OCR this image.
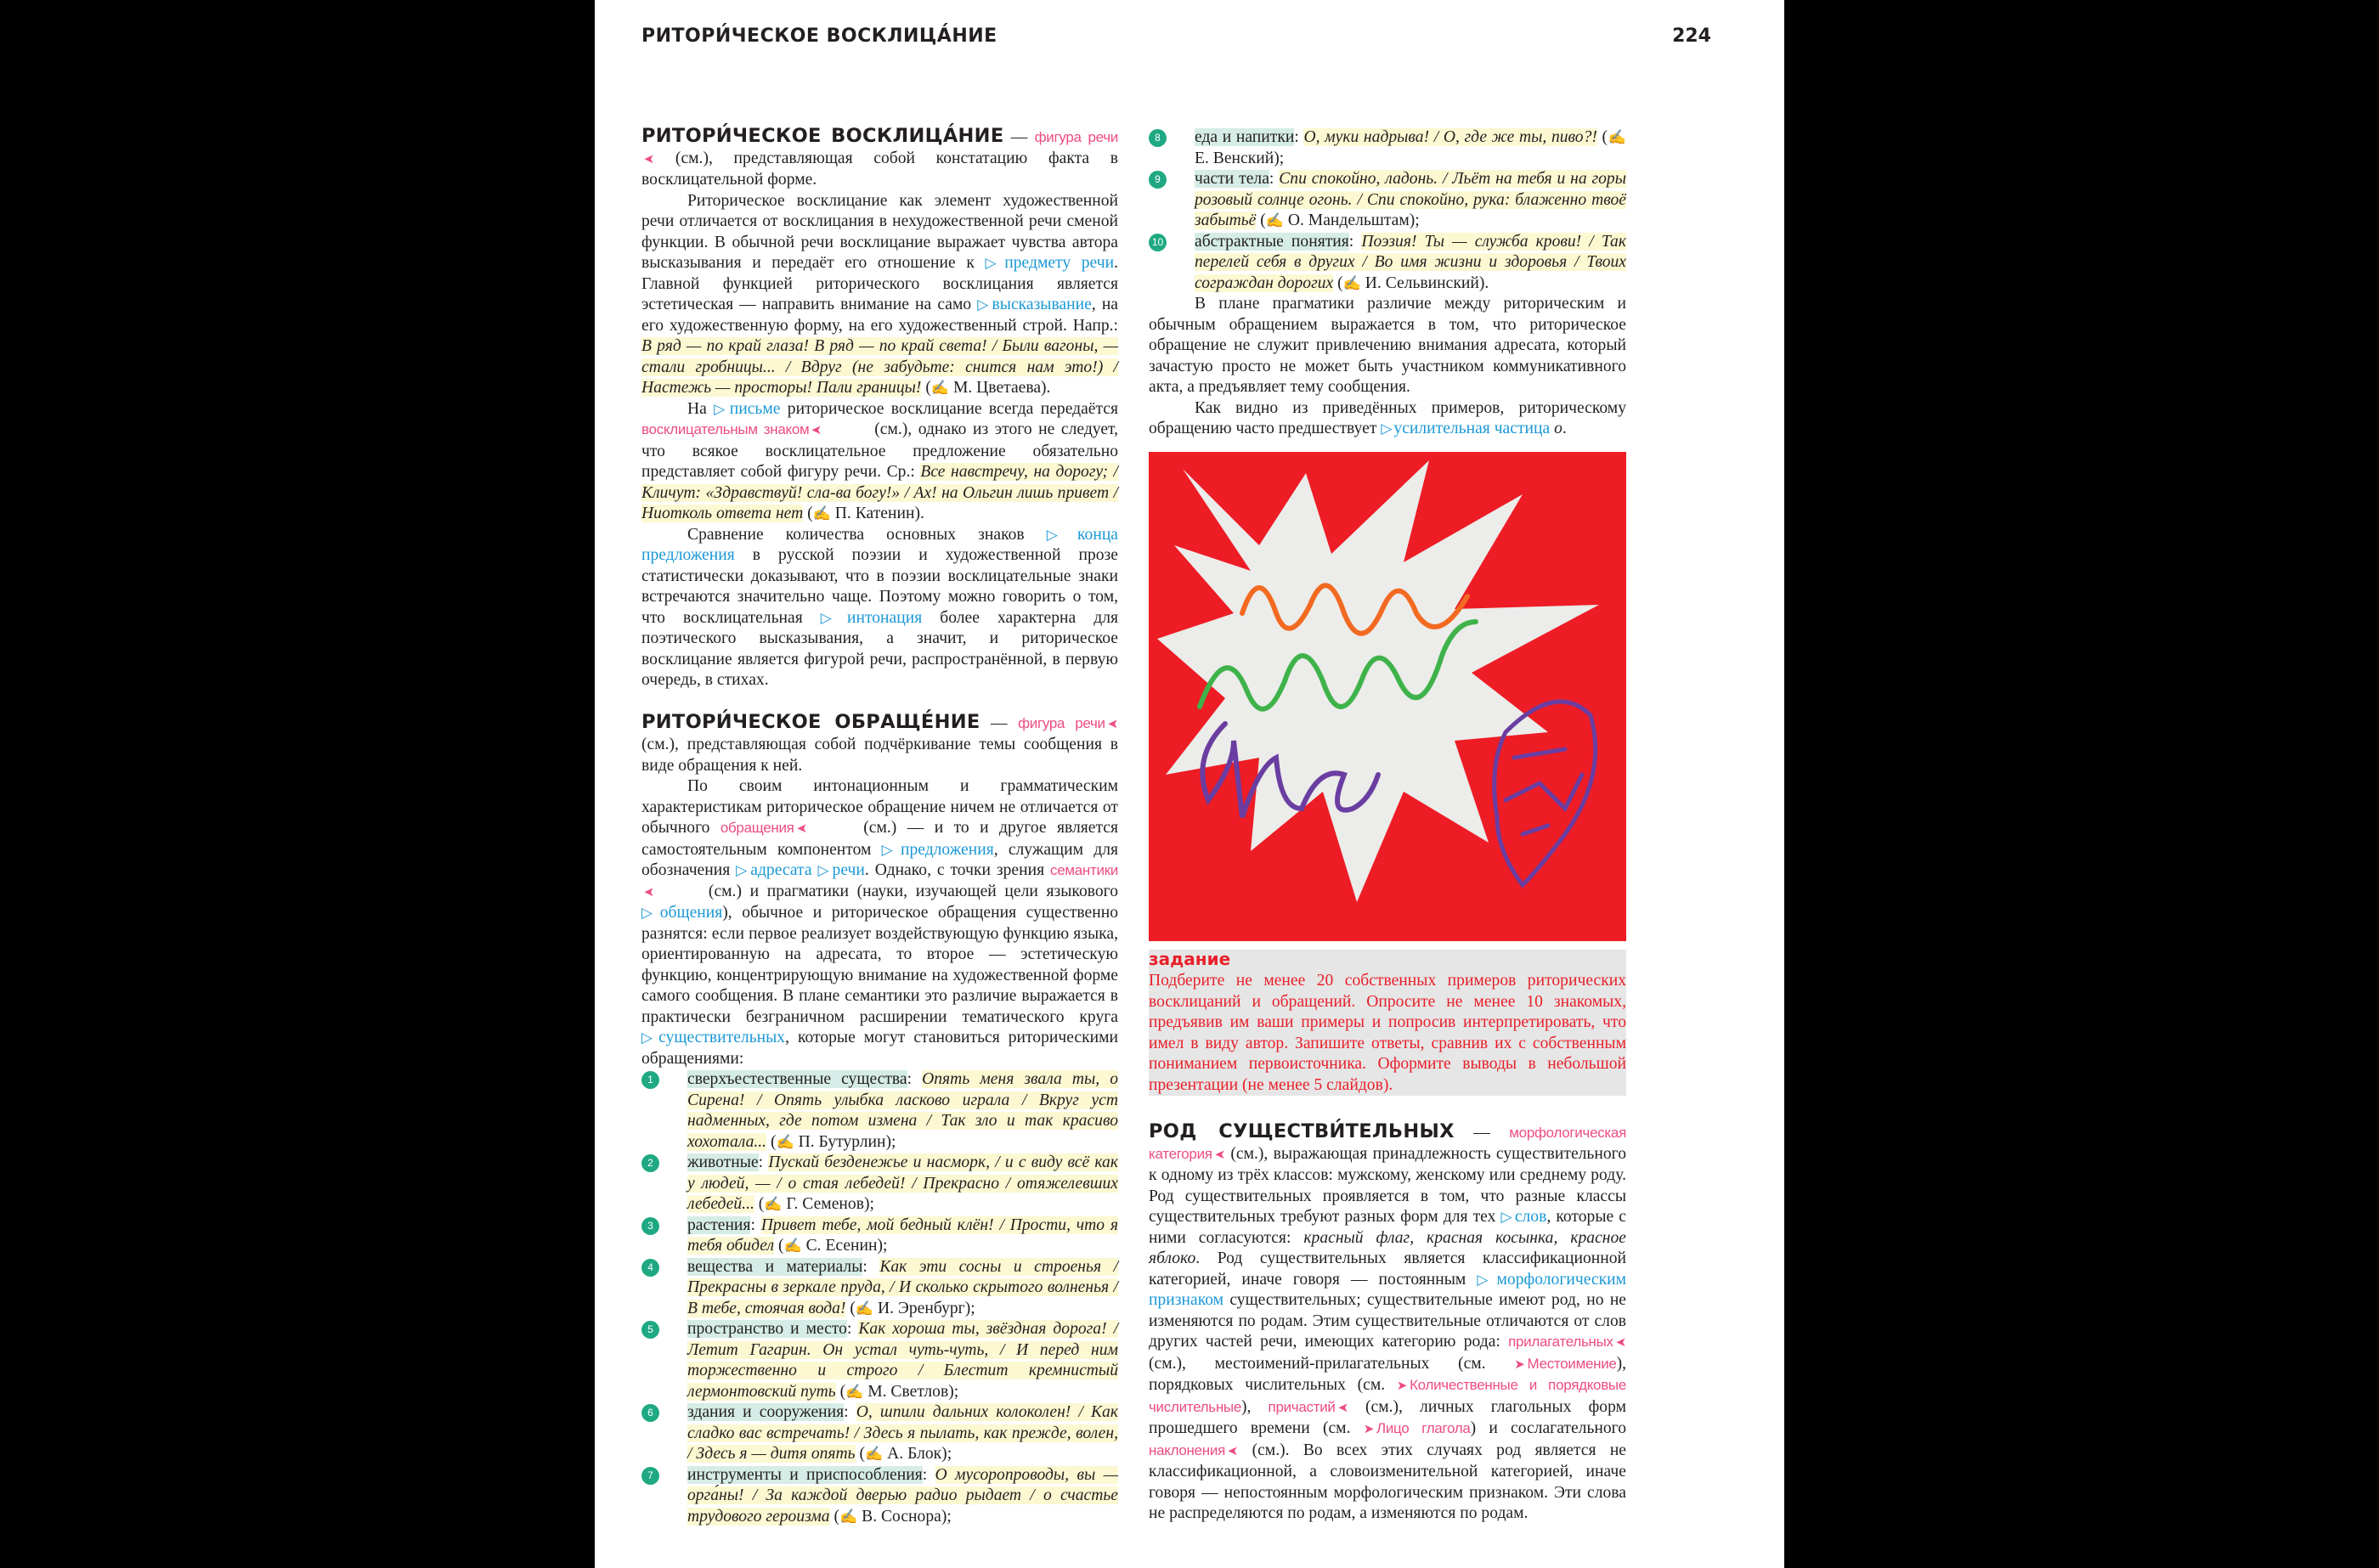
РИТОРИ́ЧЕСКОЕ ВОСКЛИЦА́НИЕ	224

РИТОРИ́ЧЕСКОЕ ВОСКЛИЦА́НИЕ — фигура речи➤ (см.), представляющая собой констатацию факта в восклицательной форме.

Риторическое восклицание как элемент художественной речи отличается от восклицания в нехудожественной речи сменой функции. В обычной речи восклицание выражает чувства автора высказывания и передаёт его отношение к ▷ предмету речи. Главной функцией риторического восклицания является эстетическая — направить внимание на само ▷ высказывание, на его художественную форму, на его художественный строй. Напр.: В ряд — по край глаза! В ряд — по край света! / Были вагоны, — стали гробницы... / Вдруг (не забудьте: снится нам это!) / Настежь — просторы! Пали границы! (✍ М. Цветаева).

На ▷ письме риторическое восклицание всегда передаётся восклицательным знаком ➤	(см.), однако из этого не следует, что всякое восклицательное предложение обязательно представляет собой фигуру речи. Ср.: Все навстречу, на дорогу; / Кличут: «Здравствуй! сла-ва богу!» / Ах! на Ольгин лишь привет / Ниотколь ответа нет (✍ П. Катенин).

Сравнение количества основных знаков ▷ конца предложения в русской поэзии и художественной прозе статистически доказывают, что в поэзии восклицательные знаки встречаются значительно чаще. Поэтому можно говорить о том, что восклицательная ▷ интонация более характерна для поэтического высказывания, а значит, и риторическое восклицание является фигурой речи, распространённой, в первую очередь, в стихах.

РИТОРИ́ЧЕСКОЕ ОБРАЩЕ́НИЕ — фигура речи ➤ (см.), представляющая собой подчёркивание темы сообщения в виде обращения к ней.

По своим интонационным и грамматическим характеристикам риторическое обращение ничем не отличается от обычного обращения ➤	(см.) — и то и другое является самостоятельным компонентом ▷ предложения, служащим для обозначения ▷ адресата ▷ речи. Однако, с точки зрения семантики➤	(см.) и прагматики (науки, изучающей цели языкового ▷ общения), обычное и риторическое обращения существенно разнятся: если первое реализует воздействующую функцию языка, ориентированную на адресата, то второе — эстетическую функцию, концентрирующую внимание на художественной форме самого сообщения. В плане семантики это различие выражается в практически безграничном расширении тематического круга ▷ существительных, которые могут становиться риторическими обращениями:

1	сверхъестественные существа: Опять меня звала ты, о Сирена! / Опять улыбка ласково играла / Вкруг уст надменных, где потом измена / Так зло и так красиво хохотала... (✍ П. Бутурлин);
2	животные: Пускай безденежье и насморк, / и с виду всё как у людей, — / о стая лебедей! / Прекрасно / отяжелевших лебедей... (✍ Г. Семенов);
3	растения: Привет тебе, мой бедный клён! / Прости, что я тебя обидел (✍ С. Есенин);
4	вещества и материалы: Как эти сосны и строенья / Прекрасны в зеркале пруда, / И сколько скрытого волненья / В тебе, стоячая вода! (✍ И. Эренбург);
5	пространство и место: Как хороша ты, звёздная дорога! / Летит Гагарин. Он устал чуть-чуть, / И перед ним торжественно и строго / Блестит кремнистый лермонтовский путь (✍ М. Светлов);
6	здания и сооружения: О, шпили дальних колоколен! / Как сладко вас встречать! / Здесь я пылать, как прежде, волен, / Здесь я — дитя опять (✍ А. Блок);
7	инструменты и приспособления: О мусоропроводы, вы — орга́ны! / За каждой дверью радио рыдает / о счастье трудового героизма (✍ В. Соснора);
8	еда и напитки: О, муки надрыва! / О, где же ты, пиво?! (✍ Е. Венский);
9	части тела: Спи спокойно, ладонь. / Льёт на тебя и на горы розовый солнце огонь. / Спи спокойно, рука: блаженно твоё забытьё (✍ О. Мандельштам);
10 абстрактные понятия: Поэзия! Ты — служба крови! / Так перелей себя в других / Во имя жизни и здоровья / Твоих сограждан дорогих (✍ И. Сельвинский).

В плане прагматики различие между риторическим и обычным обращением выражается в том, что риторическое обращение не служит привлечению внимания адресата, который зачастую просто не может быть участником коммуникативного акта, а предъявляет тему сообщения.

Как видно из приведённых примеров, риторическому обращению часто предшествует ▷ усилительная частица о.

задание

Подберите не менее 20 собственных примеров риторических восклицаний и обращений. Опросите не менее 10 знакомых, предъявив им ваши примеры и попросив интерпретировать, что имел в виду автор. Запишите ответы, сравнив их с собственным пониманием первоисточника. Оформите выводы в небольшой презентации (не менее 5 слайдов).

РОД СУЩЕСТВИ́ТЕЛЬНЫХ — морфологическая категория ➤ (см.), выражающая принадлежность существительного к одному из трёх классов: мужскому, женскому или среднему роду. Род существительных проявляется в том, что разные классы существительных требуют разных форм для тех ▷ слов, которые с ними согласуются: красный флаг, красная косынка, красное яблоко. Род существительных является классификационной категорией, иначе говоря — постоянным ▷ морфологическим признаком существительных; существительные имеют род, но не изменяются по родам. Этим существительные отличаются от слов других частей речи, имеющих категорию рода: прилагательных ➤ (см.), местоимений-прилагательных (см. ➤ Местоимение), порядковых числительных (см. ➤ Количественные и порядковые числительные), причастий ➤ (см.), личных глагольных форм прошедшего времени (см. ➤ Лицо глагола) и сослагательного наклонения ➤ (см.). Во всех этих случаях род является не классификационной, а словоизменительной категорией, иначе говоря — непостоянным морфологическим признаком. Эти слова не распределяются по родам, а изменяются по родам.
